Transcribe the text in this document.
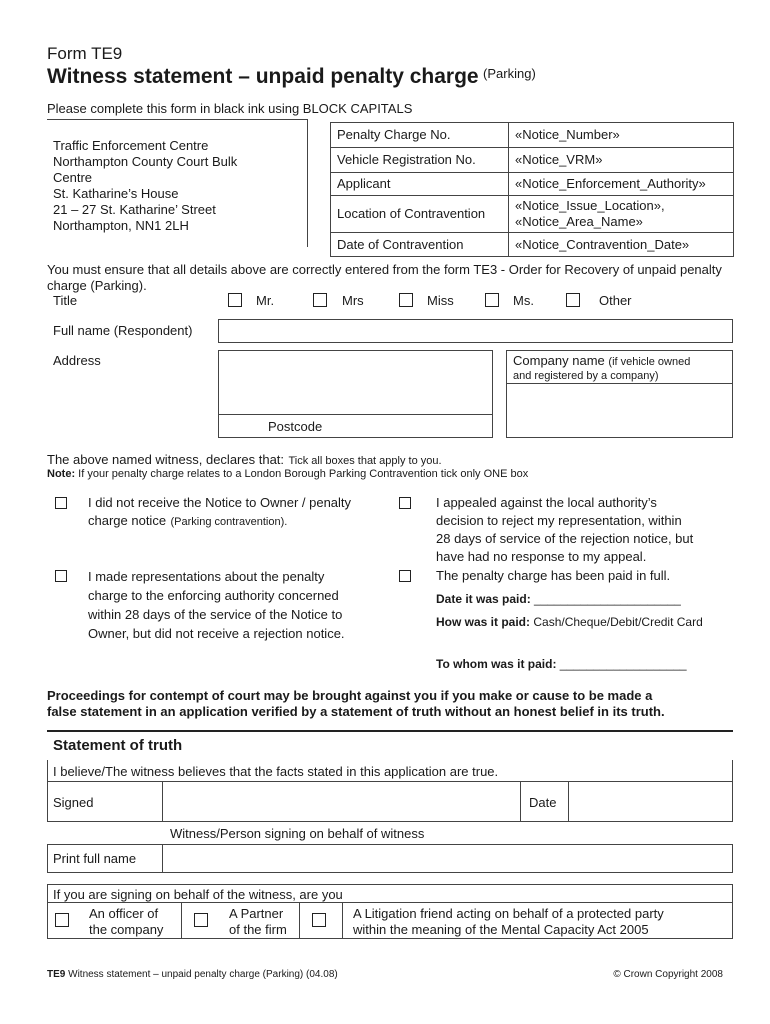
Form TE9
Witness statement – unpaid penalty charge $^{(Parking)}$
Please complete this form in black ink using BLOCK CAPITALS
Traffic Enforcement Centre
Northampton County Court Bulk
Centre
St. Katharine’s House
21 – 27 St. Katharine’ Street
Northampton, NN1 2LH
Penalty Charge No.	«Notice_Number»
Vehicle Registration No.	«Notice_VRM»
Applicant	«Notice_Enforcement_Authority»
Location of Contravention	«Notice_Issue_Location», «Notice_Area_Name»
Date of Contravention	«Notice_Contravention_Date»
You must ensure that all details above are correctly entered from the form TE3 - Order for Recovery of unpaid penalty charge (Parking).
Title	Mr.	Mrs	Miss	Ms.	Other
Full name (Respondent)
Address
Postcode
Company name (if vehicle owned
and registered by a company)
The above named witness, declares that: Tick all boxes that apply to you.
Note: If your penalty charge relates to a London Borough Parking Contravention tick only ONE box
I did not receive the Notice to Owner / penalty
charge notice (Parking contravention).
I made representations about the penalty
charge to the enforcing authority concerned
within 28 days of the service of the Notice to
Owner, but did not receive a rejection notice.
I appealed against the local authority’s
decision to reject my representation, within
28 days of service of the rejection notice, but
have had no response to my appeal.
The penalty charge has been paid in full.
Date it was paid: ______________________
How was it paid: Cash/Cheque/Debit/Credit Card
To whom was it paid: ___________________
Proceedings for contempt of court may be brought against you if you make or cause to be made a
false statement in an application verified by a statement of truth without an honest belief in its truth.
Statement of truth
I believe/The witness believes that the facts stated in this application are true.
Signed	Date
Witness/Person signing on behalf of witness
Print full name
If you are signing on behalf of the witness, are you
An officer of
the company
A Partner
of the firm
A Litigation friend acting on behalf of a protected party
within the meaning of the Mental Capacity Act 2005
TE9 Witness statement – unpaid penalty charge (Parking) (04.08)	© Crown Copyright 2008
